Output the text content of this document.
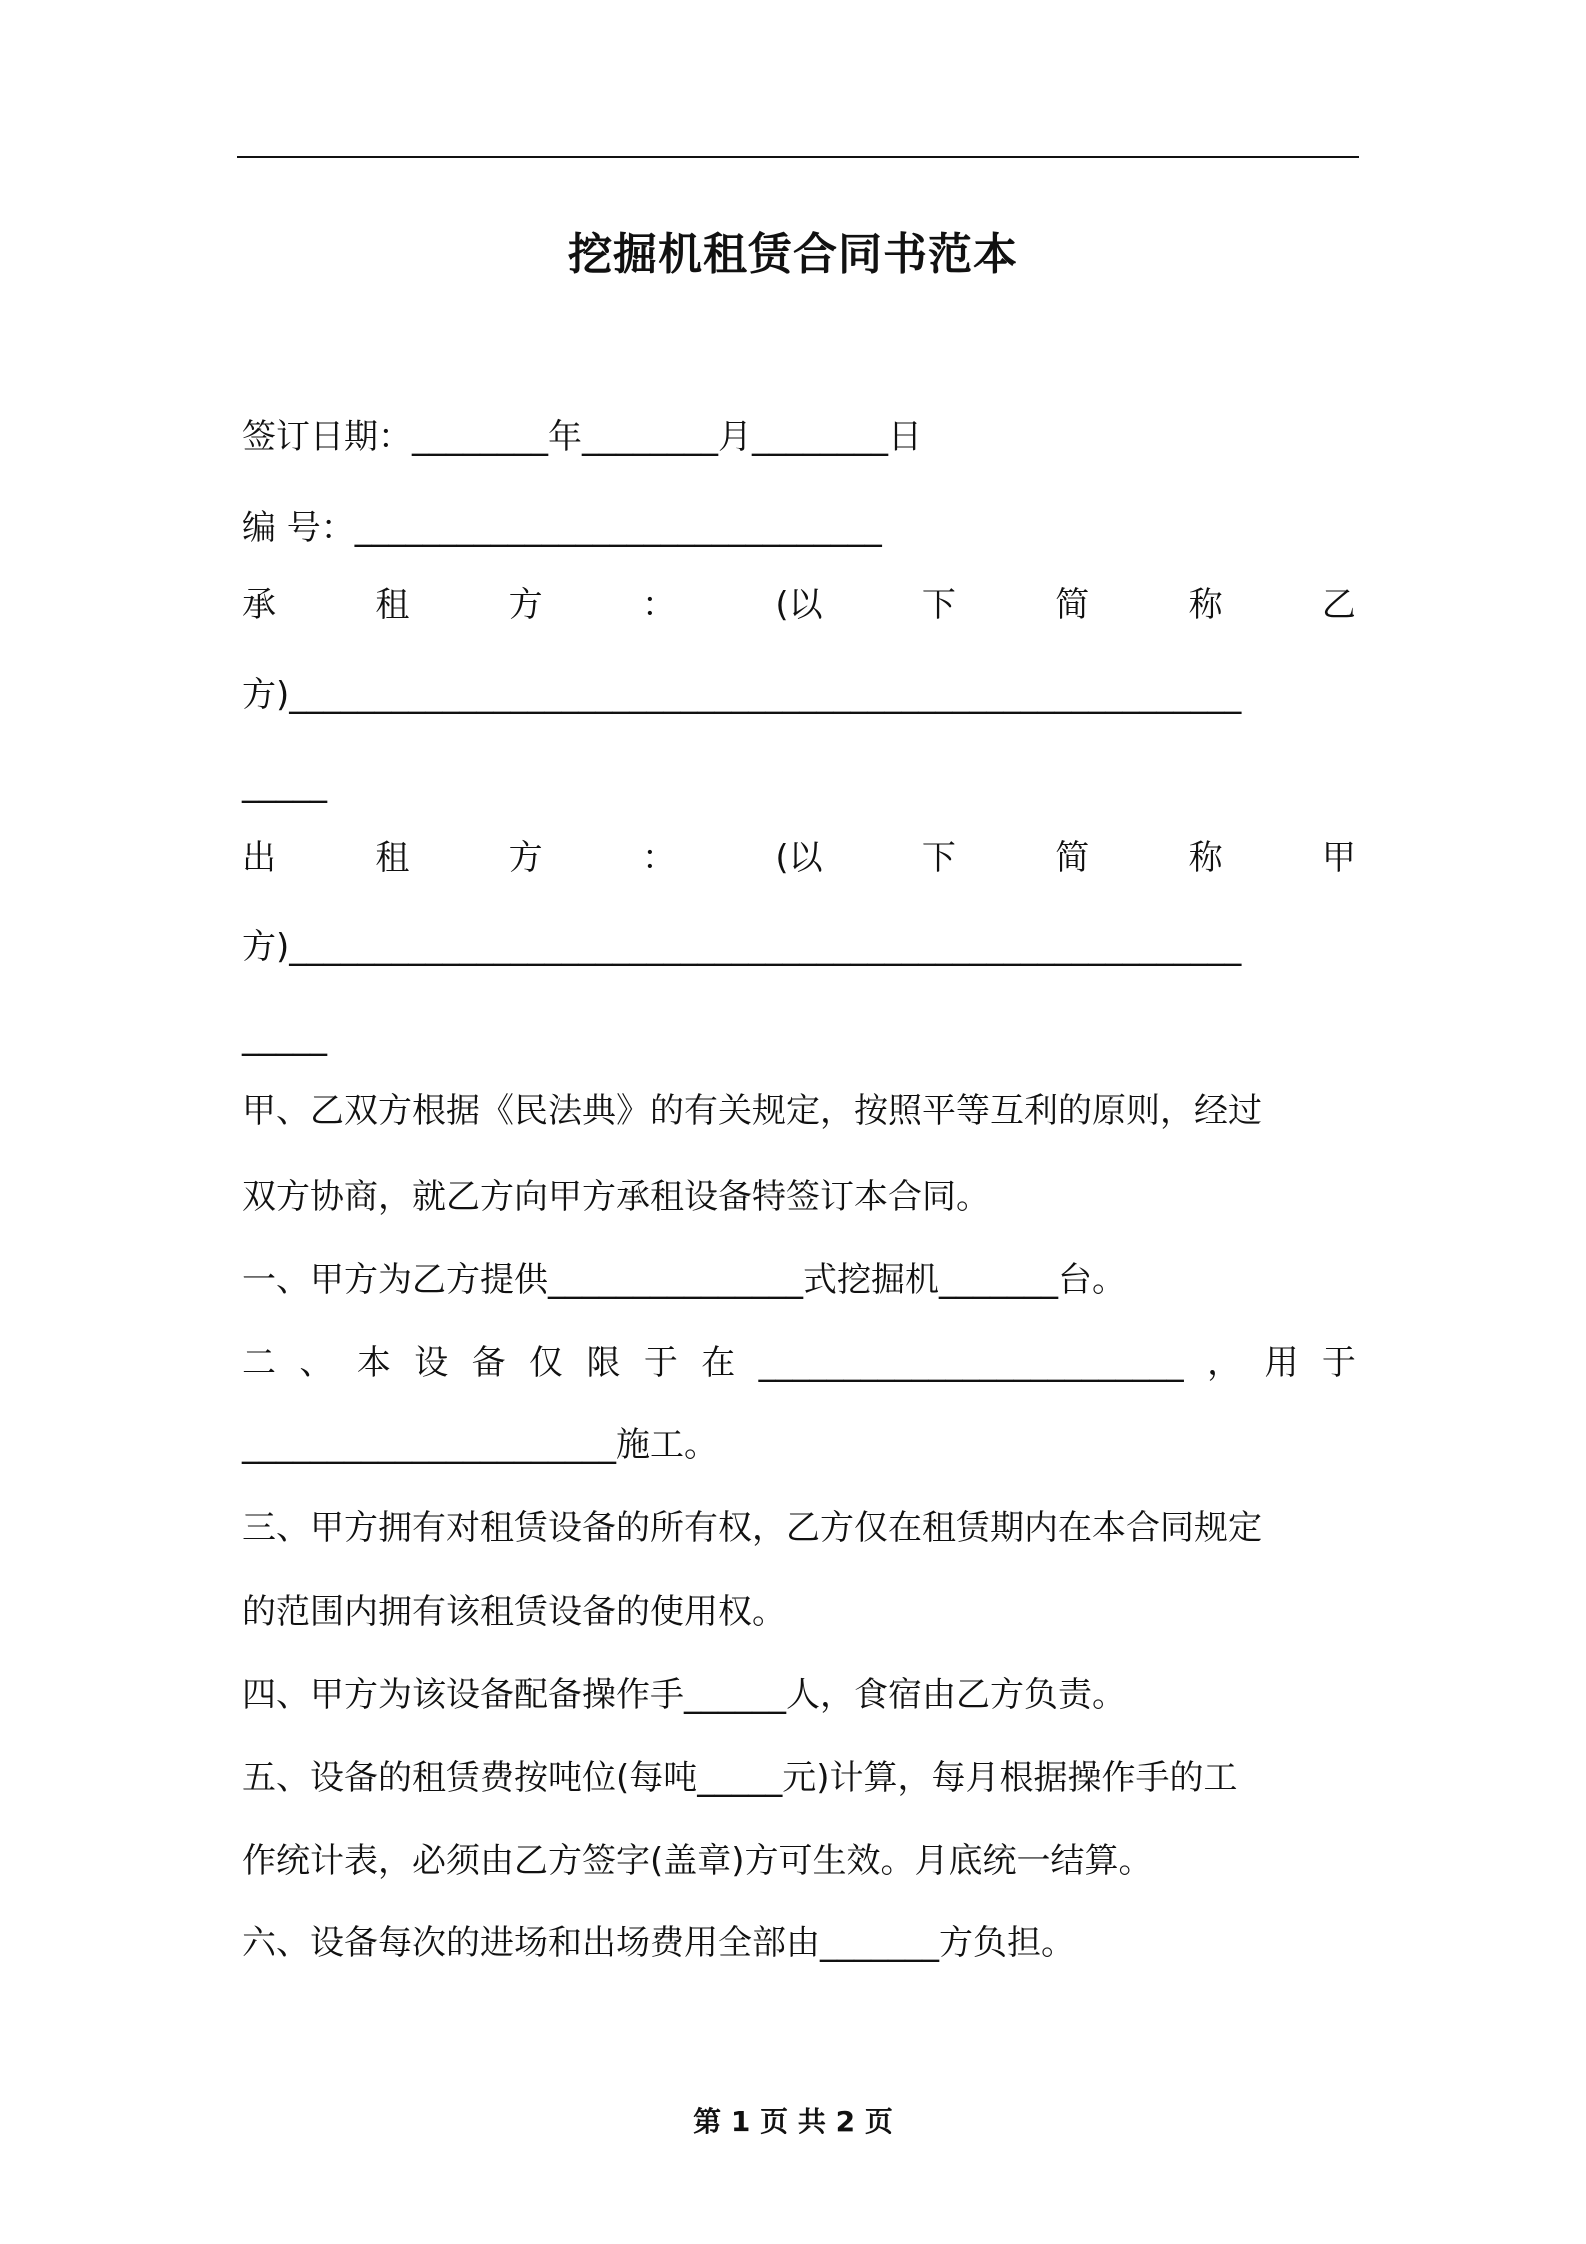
挖掘机租赁合同书范本
签订日期：________年________月________日
编 号：_______________________________
承	租	方	：	(以	下	简	称	乙
方)________________________________________________________
_____
出	租	方	：	(以	下	简	称	甲
方)________________________________________________________
_____
甲、乙双方根据《民法典》的有关规定，按照平等互利的原则，经过
双方协商，就乙方向甲方承租设备特签订本合同。
一、甲方为乙方提供_______________式挖掘机_______台。
二 、 本 设 备 仅 限 于 在 _________________________ ， 用 于
______________________施工。
三、甲方拥有对租赁设备的所有权，乙方仅在租赁期内在本合同规定
的范围内拥有该租赁设备的使用权。
四、甲方为该设备配备操作手______人，食宿由乙方负责。
五、设备的租赁费按吨位(每吨_____元)计算，每月根据操作手的工
作统计表，必须由乙方签字(盖章)方可生效。月底统一结算。
六、设备每次的进场和出场费用全部由_______方负担。
第 1 页 共 2 页
